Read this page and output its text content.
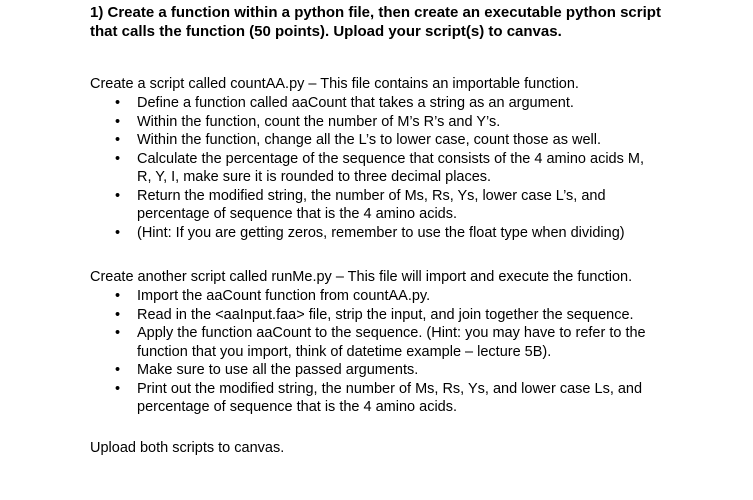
1) Create a function within a python file, then create an executable python script
that calls the function (50 points). Upload your script(s) to canvas.
Create a script called countAA.py – This file contains an importable function.
• Define a function called aaCount that takes a string as an argument.
• Within the function, count the number of M’s R’s and Y’s.
• Within the function, change all the L’s to lower case, count those as well.
• Calculate the percentage of the sequence that consists of the 4 amino acids M,
R, Y, I, make sure it is rounded to three decimal places.
• Return the modified string, the number of Ms, Rs, Ys, lower case L’s, and
percentage of sequence that is the 4 amino acids.
• (Hint: If you are getting zeros, remember to use the float type when dividing)
Create another script called runMe.py – This file will import and execute the function.
• Import the aaCount function from countAA.py.
• Read in the <aaInput.faa> file, strip the input, and join together the sequence.
• Apply the function aaCount to the sequence. (Hint: you may have to refer to the
function that you import, think of datetime example – lecture 5B).
• Make sure to use all the passed arguments.
• Print out the modified string, the number of Ms, Rs, Ys, and lower case Ls, and
percentage of sequence that is the 4 amino acids.
Upload both scripts to canvas.
